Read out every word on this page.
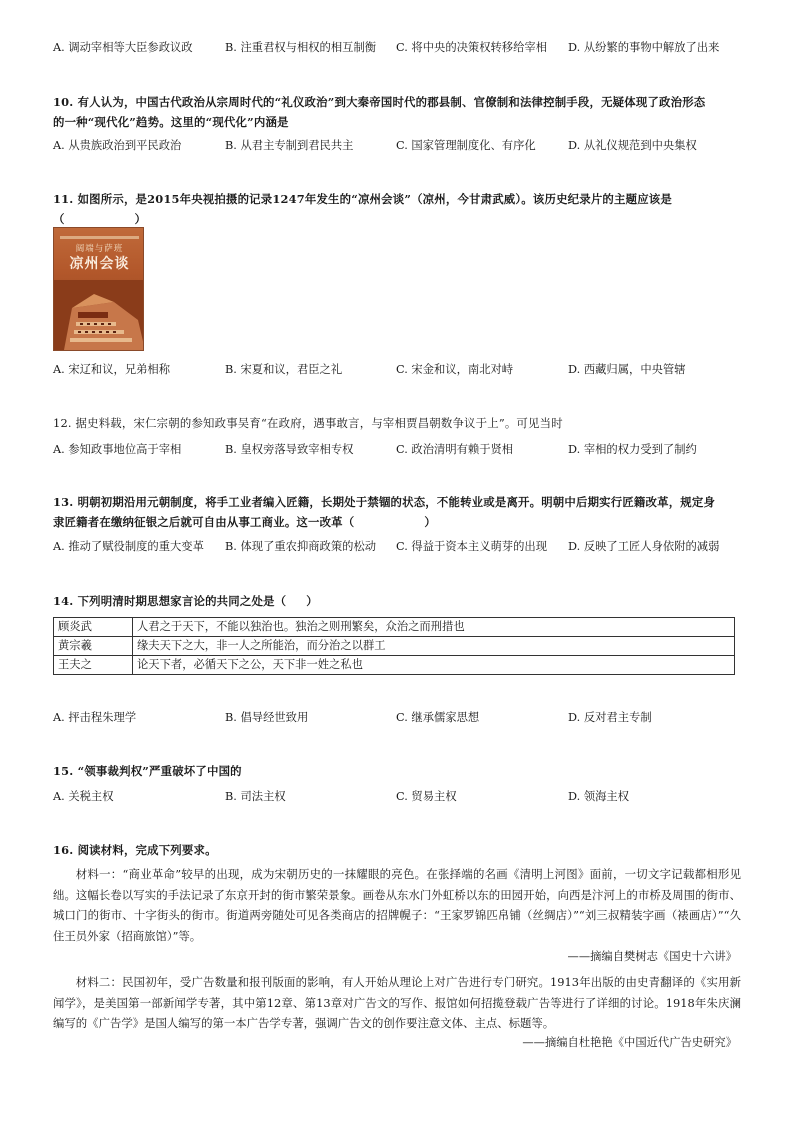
A. 调动宰相等大臣参政议政	B. 注重君权与相权的相互制衡 C. 将中央的决策权转移给宰相 D. 从纷繁的事物中解放了出来
10. 有人认为，中国古代政治从宗周时代的“礼仪政治”到大秦帝国时代的郡县制、官僚制和法律控制手段，无疑体现了政治形态
的一种“现代化”趋势。这里的“现代化”内涵是
A. 从贵族政治到平民政治	B. 从君主专制到君民共主	C. 国家管理制度化、有序化	D. 从礼仪规范到中央集权
11. 如图所示，是2015年央视拍摄的记录1247年发生的“凉州会谈”（凉州，今甘肃武威）。该历史纪录片的主题应该是
（	）
阔端与萨班
凉州会谈
A. 宋辽和议，兄弟相称	B. 宋夏和议，君臣之礼	C. 宋金和议，南北对峙	D. 西藏归属，中央管辖
12. 据史料载，宋仁宗朝的参知政事吴育“在政府，遇事敢言，与宰相贾昌朝数争议于上”。可见当时
A. 参知政事地位高于宰相	B. 皇权旁落导致宰相专权	C. 政治清明有赖于贤相	D. 宰相的权力受到了制约
13. 明朝初期沿用元朝制度，将手工业者编入匠籍，长期处于禁锢的状态，不能转业或是离开。明朝中后期实行匠籍改革，规定身
隶匠籍者在缴纳征银之后就可自由从事工商业。这一改革（	）
A. 推动了赋役制度的重大变革 B. 体现了重农抑商政策的松动 C. 得益于资本主义萌芽的出现 D. 反映了工匠人身依附的减弱
14. 下列明清时期思想家言论的共同之处是（ ）
顾炎武	人君之于天下，不能以独治也。独治之则刑繁矣，众治之而刑措也
黄宗羲	缘夫天下之大，非一人之所能治，而分治之以群工
王夫之	论天下者，必循天下之公，天下非一姓之私也
A. 抨击程朱理学	B. 倡导经世致用	C. 继承儒家思想	D. 反对君主专制
15. “领事裁判权”严重破坏了中国的
A. 关税主权	B. 司法主权	C. 贸易主权	D. 领海主权
16. 阅读材料，完成下列要求。
材料一：“商业革命”较早的出现，成为宋朝历史的一抹耀眼的亮色。在张择端的名画《清明上河图》面前，一切文字记载都相形见绌。这幅长卷以写实的手法记录了东京开封的街市繁荣景象。画卷从东水门外虹桥以东的田园开始，向西是汴河上的市桥及周围的街市、城口门的街市、十字街头的街市。街道两旁随处可见各类商店的招牌幌子：“王家罗锦匹帛铺（丝绸店）”“刘三叔精装字画（裱画店）”“久住王员外家（招商旅馆）”等。
——摘编自樊树志《国史十六讲》
材料二：民国初年，受广告数量和报刊版面的影响，有人开始从理论上对广告进行专门研究。1913年出版的由史青翻译的《实用新闻学》，是美国第一部新闻学专著，其中第12章、第13章对广告文的写作、报馆如何招揽登载广告等进行了详细的讨论。1918年朱庆澜编写的《广告学》是国人编写的第一本广告学专著，强调广告文的创作要注意文体、主点、标题等。
——摘编自杜艳艳《中国近代广告史研究》
